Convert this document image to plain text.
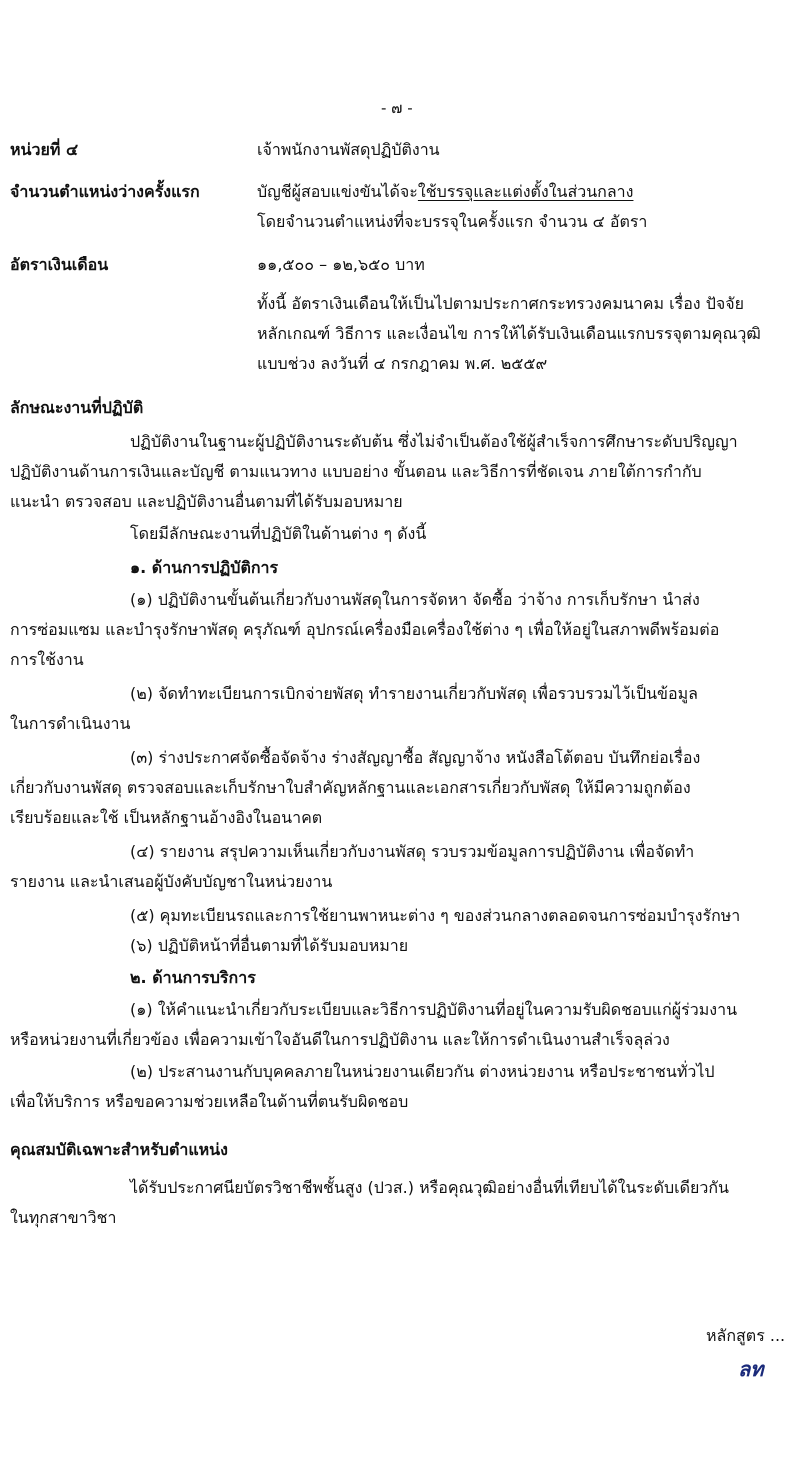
- ๗ -
หน่วยที่ ๔	เจ้าพนักงานพัสดุปฏิบัติงาน
จำนวนตำแหน่งว่างครั้งแรก	บัญชีผู้สอบแข่งขันได้จะใช้บรรจุและแต่งตั้งในส่วนกลาง
โดยจำนวนตำแหน่งที่จะบรรจุในครั้งแรก จำนวน ๔ อัตรา
อัตราเงินเดือน	๑๑,๕๐๐ – ๑๒,๖๕๐ บาท
ทั้งนี้ อัตราเงินเดือนให้เป็นไปตามประกาศกระทรวงคมนาคม เรื่อง ปัจจัย
หลักเกณฑ์ วิธีการ และเงื่อนไข การให้ได้รับเงินเดือนแรกบรรจุตามคุณวุฒิ
แบบช่วง ลงวันที่ ๔ กรกฎาคม พ.ศ. ๒๕๕๙
ลักษณะงานที่ปฏิบัติ
ปฏิบัติงานในฐานะผู้ปฏิบัติงานระดับต้น ซึ่งไม่จำเป็นต้องใช้ผู้สำเร็จการศึกษาระดับปริญญา
ปฏิบัติงานด้านการเงินและบัญชี ตามแนวทาง แบบอย่าง ขั้นตอน และวิธีการที่ชัดเจน ภายใต้การกำกับ
แนะนำ ตรวจสอบ และปฏิบัติงานอื่นตามที่ได้รับมอบหมาย
โดยมีลักษณะงานที่ปฏิบัติในด้านต่าง ๆ ดังนี้
๑. ด้านการปฏิบัติการ
(๑) ปฏิบัติงานขั้นต้นเกี่ยวกับงานพัสดุในการจัดหา จัดซื้อ ว่าจ้าง การเก็บรักษา นำส่ง
การซ่อมแซม และบำรุงรักษาพัสดุ ครุภัณฑ์ อุปกรณ์เครื่องมือเครื่องใช้ต่าง ๆ เพื่อให้อยู่ในสภาพดีพร้อมต่อ
การใช้งาน
(๒) จัดทำทะเบียนการเบิกจ่ายพัสดุ ทำรายงานเกี่ยวกับพัสดุ เพื่อรวบรวมไว้เป็นข้อมูล
ในการดำเนินงาน
(๓) ร่างประกาศจัดซื้อจัดจ้าง ร่างสัญญาซื้อ สัญญาจ้าง หนังสือโต้ตอบ บันทึกย่อเรื่อง
เกี่ยวกับงานพัสดุ ตรวจสอบและเก็บรักษาใบสำคัญหลักฐานและเอกสารเกี่ยวกับพัสดุ ให้มีความถูกต้อง
เรียบร้อยและใช้ เป็นหลักฐานอ้างอิงในอนาคต
(๔) รายงาน สรุปความเห็นเกี่ยวกับงานพัสดุ รวบรวมข้อมูลการปฏิบัติงาน เพื่อจัดทำ
รายงาน และนำเสนอผู้บังคับบัญชาในหน่วยงาน
(๕) คุมทะเบียนรถและการใช้ยานพาหนะต่าง ๆ ของส่วนกลางตลอดจนการซ่อมบำรุงรักษา
(๖) ปฏิบัติหน้าที่อื่นตามที่ได้รับมอบหมาย
๒. ด้านการบริการ
(๑) ให้คำแนะนำเกี่ยวกับระเบียบและวิธีการปฏิบัติงานที่อยู่ในความรับผิดชอบแก่ผู้ร่วมงาน
หรือหน่วยงานที่เกี่ยวข้อง เพื่อความเข้าใจอันดีในการปฏิบัติงาน และให้การดำเนินงานสำเร็จลุล่วง
(๒) ประสานงานกับบุคคลภายในหน่วยงานเดียวกัน ต่างหน่วยงาน หรือประชาชนทั่วไป
เพื่อให้บริการ หรือขอความช่วยเหลือในด้านที่ตนรับผิดชอบ
คุณสมบัติเฉพาะสำหรับตำแหน่ง
ได้รับประกาศนียบัตรวิชาชีพชั้นสูง (ปวส.) หรือคุณวุฒิอย่างอื่นที่เทียบได้ในระดับเดียวกัน
ในทุกสาขาวิชา
หลักสูตร ...
ลท
